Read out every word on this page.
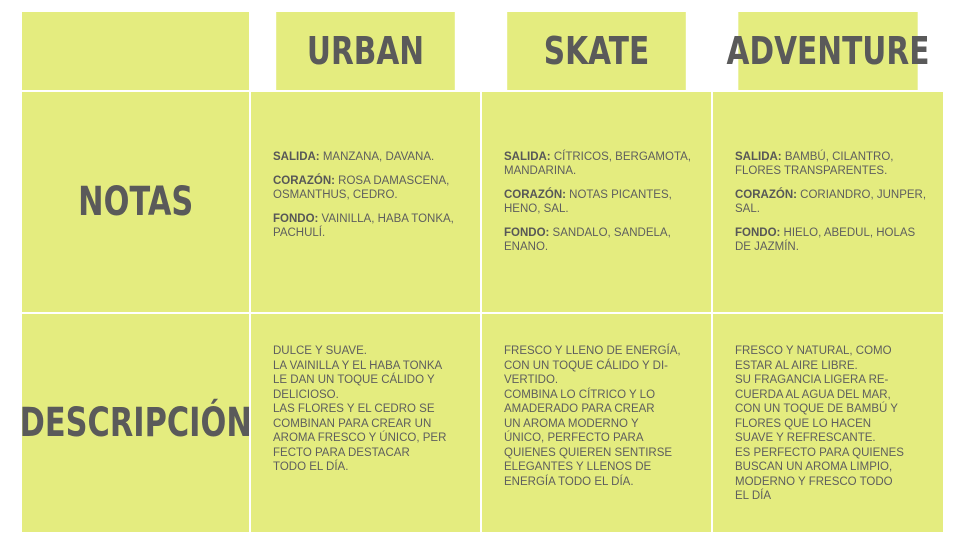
URBAN	SKATE	ADVENTURE
NOTAS

SALIDA: MANZANA, DAVANA.

CORAZÓN: ROSA DAMASCENA, OSMANTHUS, CEDRO.

FONDO: VAINILLA, HABA TONKA, PACHULÍ.

SALIDA: CÍTRICOS, BERGAMOTA, MANDARINA.

CORAZÓN: NOTAS PICANTES, HENO, SAL.

FONDO: SANDALO, SANDELA, ENANO.

SALIDA: BAMBÚ, CILANTRO, FLORES TRANSPARENTES.

CORAZÓN: CORIANDRO, JUNPER, SAL.

FONDO: HIELO, ABEDUL, HOLAS DE JAZMÍN.

DESCRIPCIÓN

DULCE Y SUAVE.
LA VAINILLA Y EL HABA TONKA
LE DAN UN TOQUE CÁLIDO Y
DELICIOSO.
LAS FLORES Y EL CEDRO SE
COMBINAN PARA CREAR UN
AROMA FRESCO Y ÚNICO, PER
FECTO PARA DESTACAR
TODO EL DÍA.

FRESCO Y LLENO DE ENERGÍA,
CON UN TOQUE CÁLIDO Y DI-
VERTIDO.
COMBINA LO CÍTRICO Y LO
AMADERADO PARA CREAR
UN AROMA MODERNO Y
ÚNICO, PERFECTO PARA
QUIENES QUIEREN SENTIRSE
ELEGANTES Y LLENOS DE
ENERGÍA TODO EL DÍA.

FRESCO Y NATURAL, COMO
ESTAR AL AIRE LIBRE.
SU FRAGANCIA LIGERA RE-
CUERDA AL AGUA DEL MAR,
CON UN TOQUE DE BAMBÚ Y
FLORES QUE LO HACEN
SUAVE Y REFRESCANTE.
ES PERFECTO PARA QUIENES
BUSCAN UN AROMA LIMPIO,
MODERNO Y FRESCO TODO
EL DÍA
